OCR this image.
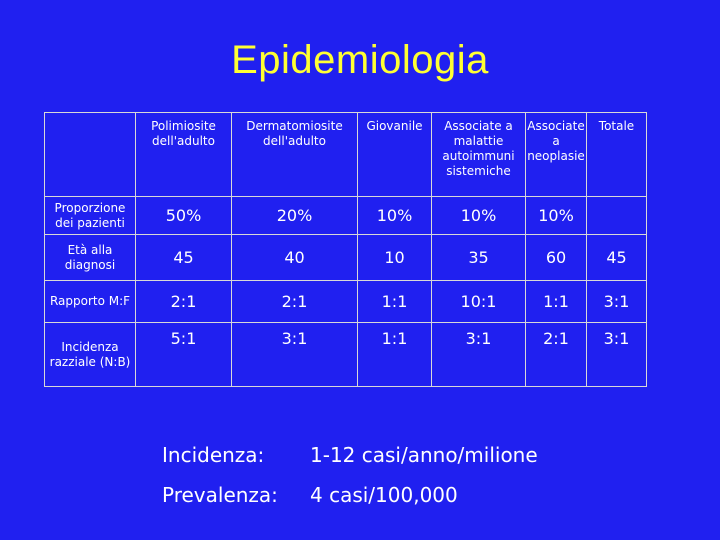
Epidemiologia
	Polimiosite dell'adulto	Dermatomiosite dell'adulto	Giovanile	Associate a malattie autoimmuni sistemiche	Associate a neoplasie	Totale
Proporzione dei pazienti	50%	20%	10%	10%	10%	
Età alla diagnosi	45	40	10	35	60	45
Rapporto M:F	2:1	2:1	1:1	10:1	1:1	3:1
Incidenza razziale (N:B)	5:1	3:1	1:1	3:1	2:1	3:1
Incidenza: 1-12 casi/anno/milione
Prevalenza: 4 casi/100,000
